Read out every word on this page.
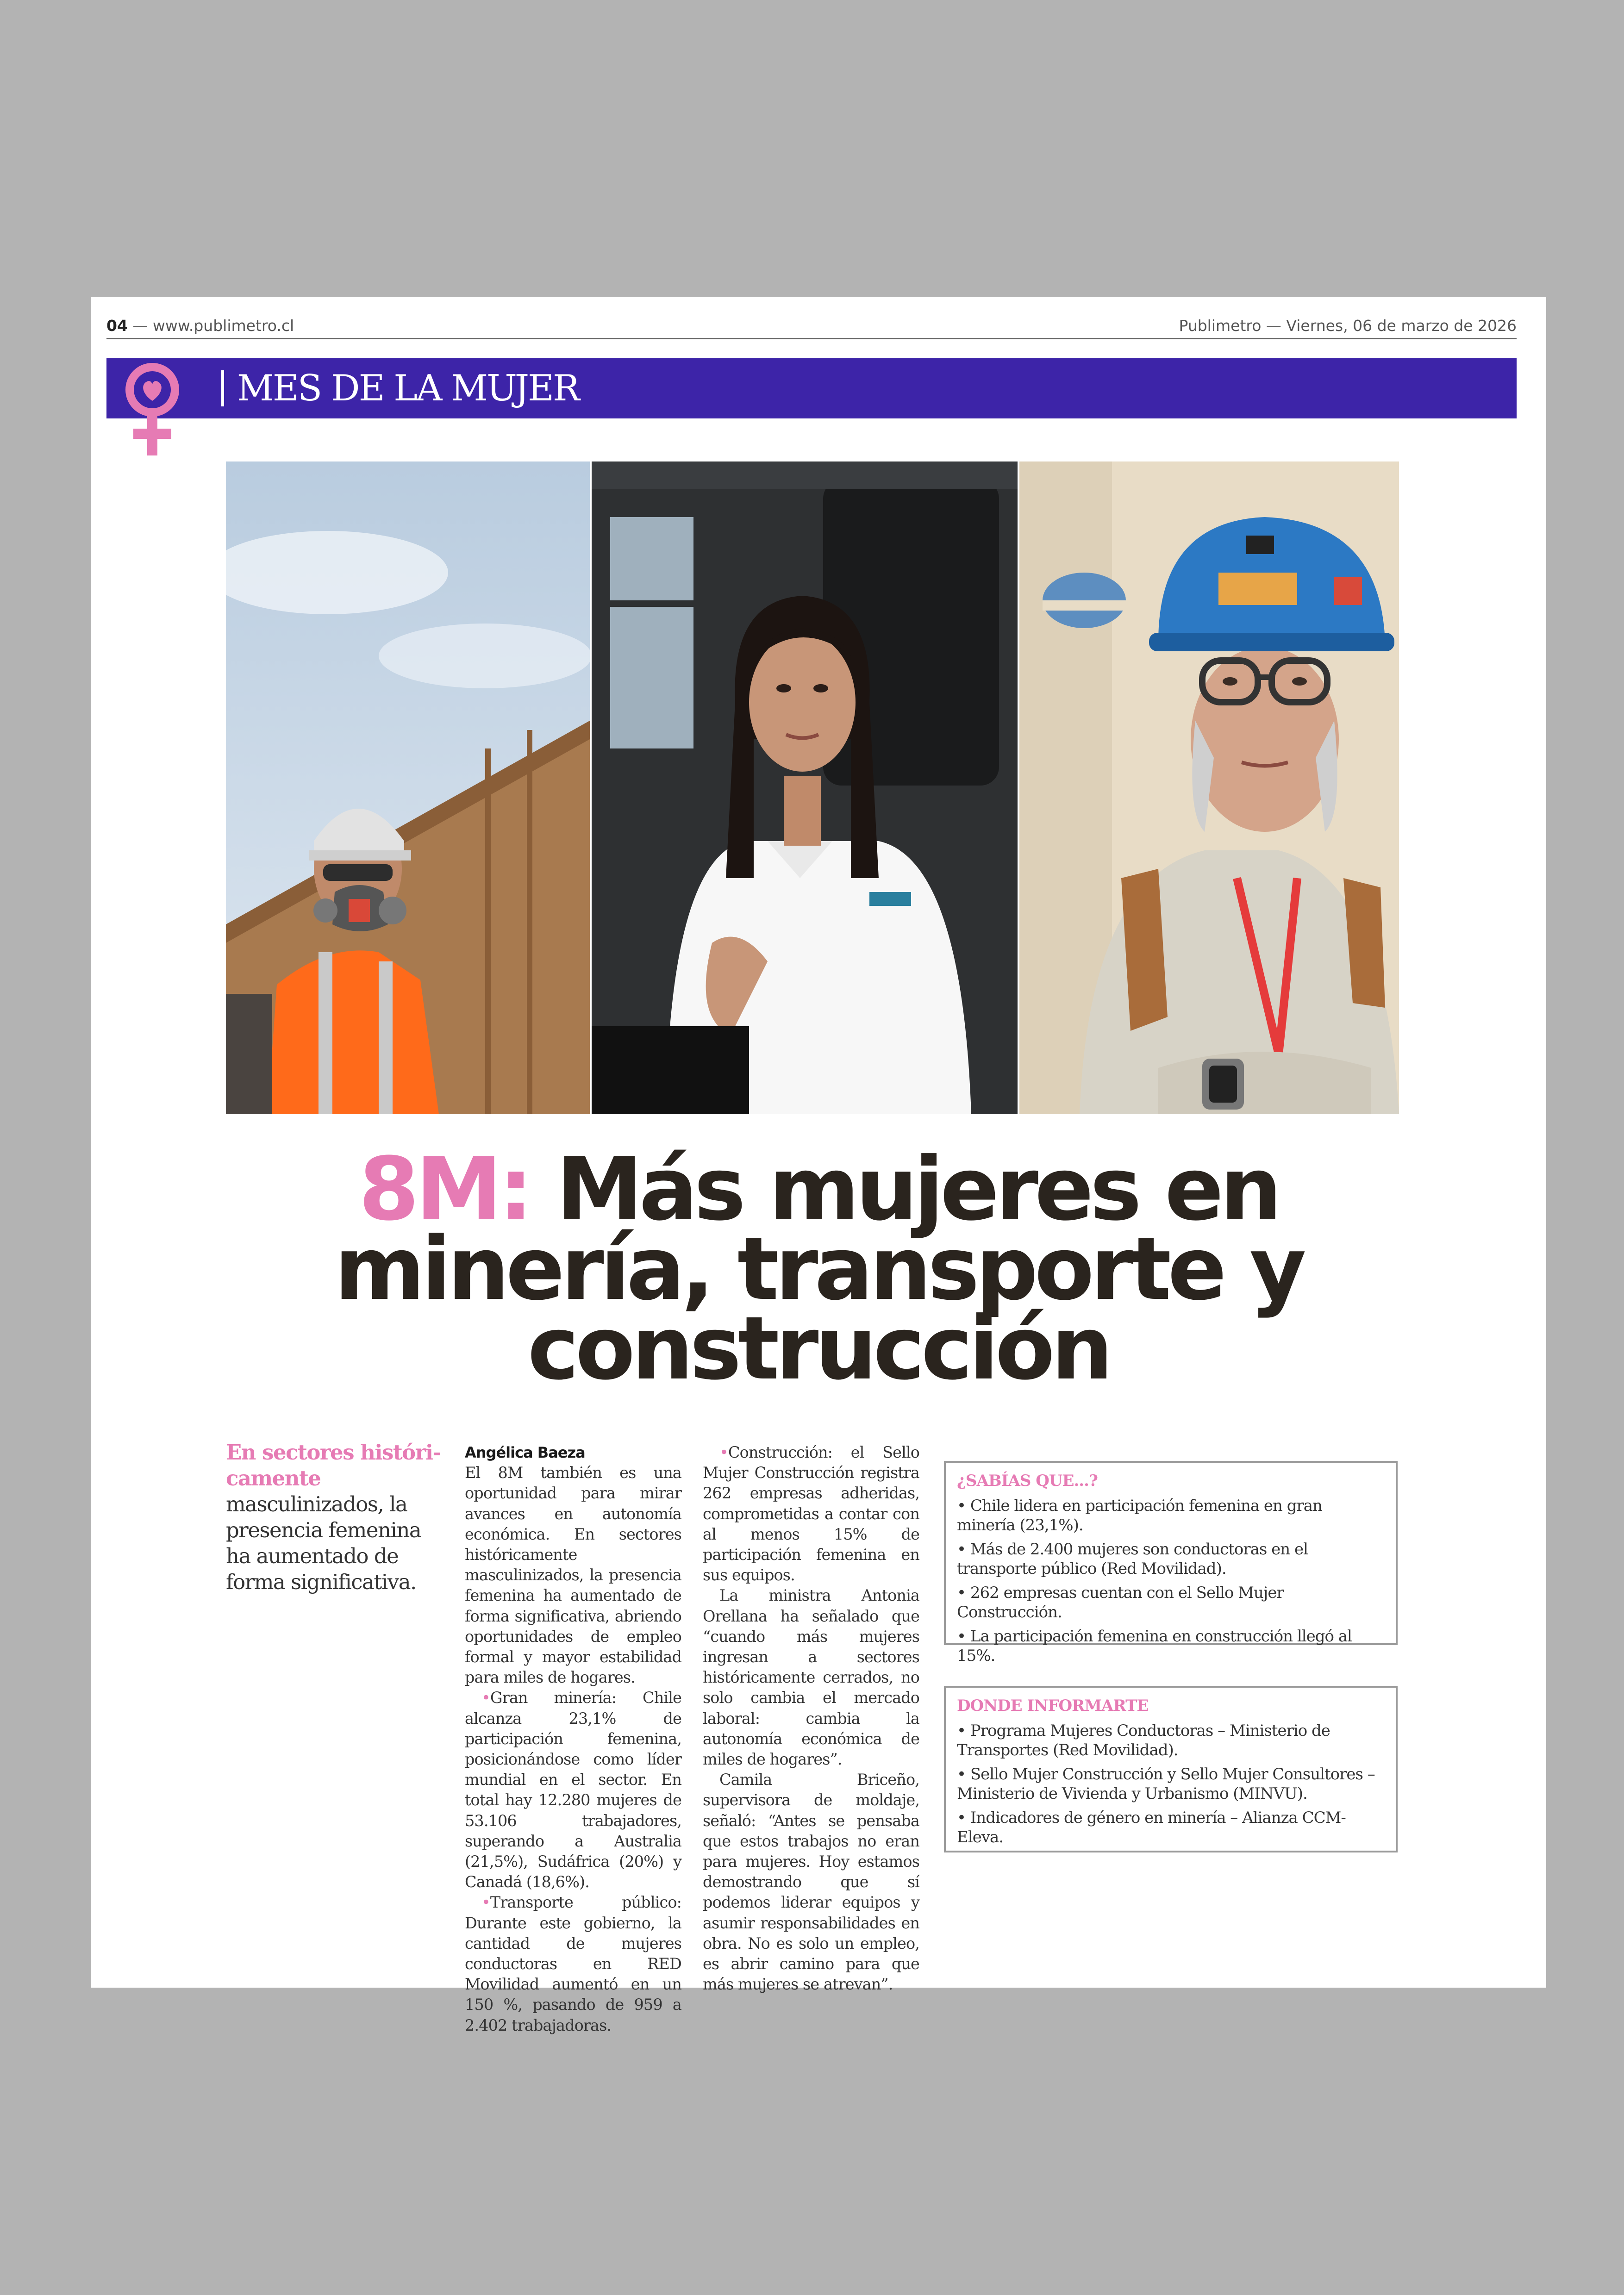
04 — www.publimetro.cl	Publimetro — Viernes, 06 de marzo de 2026
MES DE LA MUJER
8M: Más mujeres en
minería, transporte y
construcción
En sectores históricamente masculinizados, la presencia femenina ha aumentado de forma significativa.

Angélica Baeza

El 8M también es una oportunidad para mirar avances en autonomía económica. En sectores históricamente masculinizados, la presencia femenina ha aumentado de forma significativa, abriendo oportunidades de empleo formal y mayor estabilidad para miles de hogares.

•Gran minería: Chile alcanza 23,1% de participación femenina, posicionándose como líder mundial en el sector. En total hay 12.280 mujeres de 53.106 trabajadores, superando a Australia (21,5%), Sudáfrica (20%) y Canadá (18,6%).

•Transporte público: Durante este gobierno, la cantidad de mujeres conductoras en RED Movilidad aumentó en un 150 %, pasando de 959 a 2.402 trabajadoras.

•Construcción: el Sello Mujer Construcción registra 262 empresas adheridas, comprometidas a contar con al menos 15% de participación femenina en sus equipos.

La ministra Antonia Orellana ha señalado que “cuando más mujeres ingresan a sectores históricamente cerrados, no solo cambia el mercado laboral: cambia la autonomía económica de miles de hogares”.

Camila Briceño, supervisora de moldaje, señaló: “Antes se pensaba que estos trabajos no eran para mujeres. Hoy estamos demostrando que sí podemos liderar equipos y asumir responsabilidades en obra. No es solo un empleo, es abrir camino para que más mujeres se atrevan”.

¿SABÍAS QUE...?
• Chile lidera en participación femenina en gran minería (23,1%).
• Más de 2.400 mujeres son conductoras en el transporte público (Red Movilidad).
• 262 empresas cuentan con el Sello Mujer Construcción.
• La participación femenina en construcción llegó al 15%.
DONDE INFORMARTE
• Programa Mujeres Conductoras – Ministerio de Transportes (Red Movilidad).
• Sello Mujer Construcción y Sello Mujer Consultores – Ministerio de Vivienda y Urbanismo (MINVU).
• Indicadores de género en minería – Alianza CCM-Eleva.
